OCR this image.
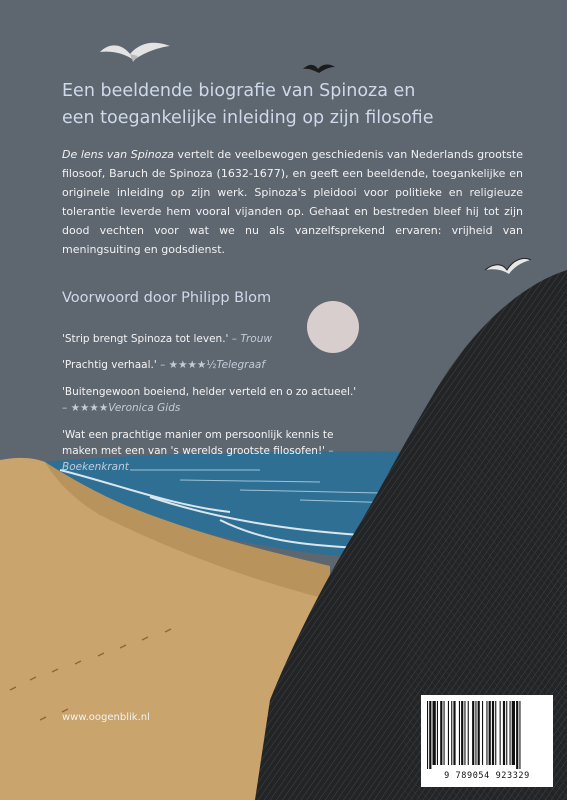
Een beeldende biografie van Spinoza en
een toegankelijke inleiding op zijn filosofie

De lens van Spinoza vertelt de veelbewogen geschiedenis van Nederlands grootste filosoof, Baruch de Spinoza (1632-1677), en geeft een beeldende, toegankelijke en originele inleiding op zijn werk. Spinoza's pleidooi voor politieke en religieuze tolerantie leverde hem vooral vijanden op. Gehaat en bestreden bleef hij tot zijn dood vechten voor wat we nu als vanzelfsprekend ervaren: vrijheid van meningsuiting en godsdienst.

Voorwoord door Philipp Blom
'Strip brengt Spinoza tot leven.' – Trouw
'Prachtig verhaal.' – ★★★★½Telegraaf
'Buitengewoon boeiend, helder verteld en o zo actueel.'
– ★★★★Veronica Gids
'Wat een prachtige manier om persoonlijk kennis te maken met een van 's werelds grootste filosofen!' – Boekenkrant
www.oogenblik.nl
9 789054 923329
